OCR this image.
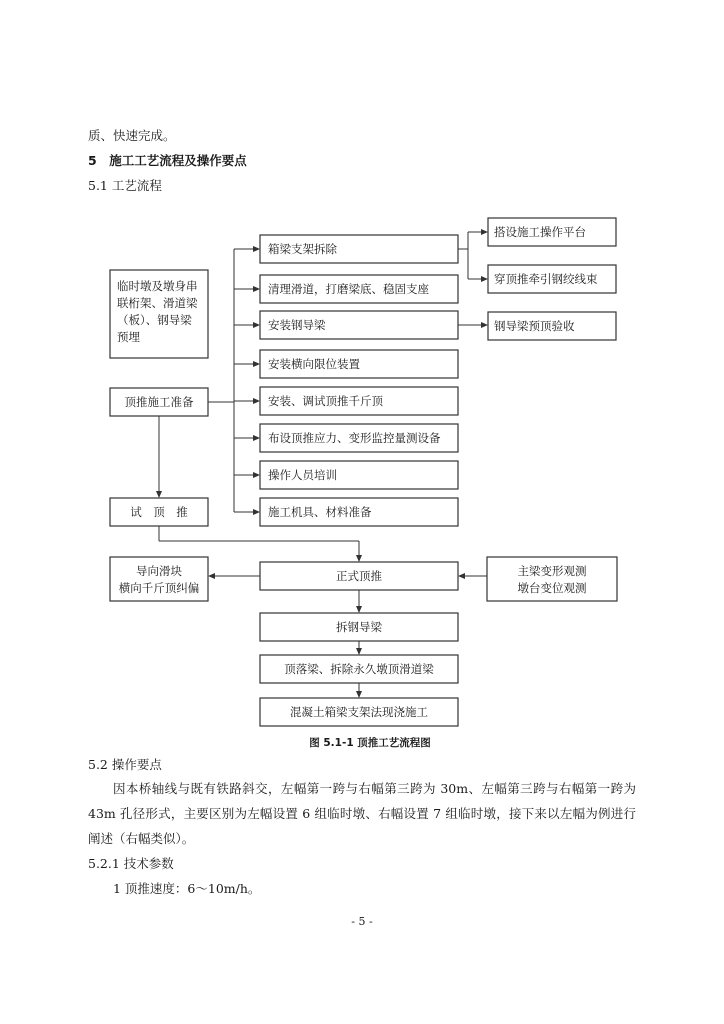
质、快速完成。
5　施工工艺流程及操作要点
5.1 工艺流程
临时墩及墩身串
联桁架、滑道梁
（板）、钢导梁
预埋
顶推施工准备
试　顶　推
箱梁支架拆除
清理滑道，打磨梁底、稳固支座
安装钢导梁
安装横向限位装置
安装、调试顶推千斤顶
布设顶推应力、变形监控量测设备
操作人员培训
施工机具、材料准备
搭设施工操作平台
穿顶推牵引钢绞线束
钢导梁预顶验收
导向滑块
横向千斤顶纠偏
正式顶推	主梁变形观测
墩台变位观测
拆钢导梁
顶落梁、拆除永久墩顶滑道梁
混凝土箱梁支架法现浇施工
图 5.1-1 顶推工艺流程图
5.2 操作要点
因本桥轴线与既有铁路斜交，左幅第一跨与右幅第三跨为 30m、左幅第三跨与右幅第一跨为 43m 孔径形式，主要区别为左幅设置 6 组临时墩、右幅设置 7 组临时墩，接下来以左幅为例进行阐述（右幅类似）。
5.2.1 技术参数
1 顶推速度：6～10m/h。
- 5 -
